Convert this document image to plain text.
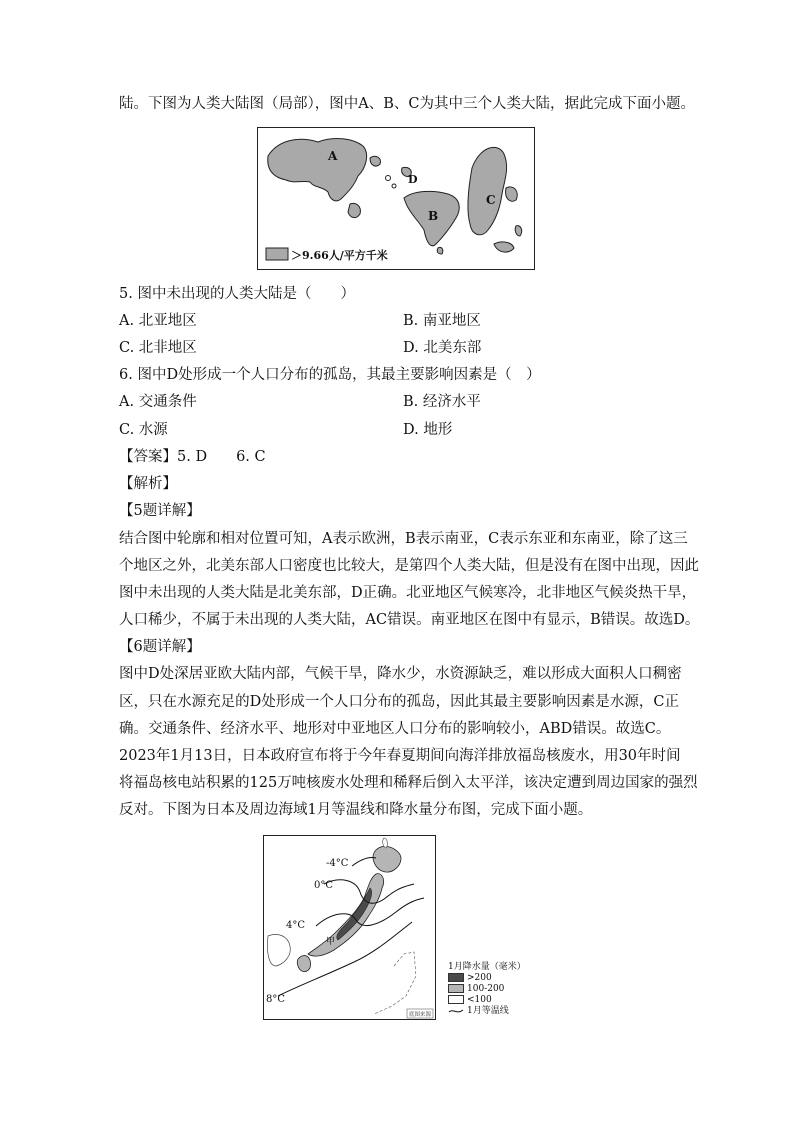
陆。下图为人类大陆图（局部），图中A、B、C为其中三个人类大陆，据此完成下面小题。
A
B
C
D
＞9.66人/平方千米
5. 图中未出现的人类大陆是（　　）
A. 北亚地区	B. 南亚地区
C. 北非地区	D. 北美东部
6. 图中D处形成一个人口分布的孤岛，其最主要影响因素是（　）
A. 交通条件	B. 经济水平
C. 水源	D. 地形
【答案】5. D　　6. C
【解析】
【5题详解】
结合图中轮廓和相对位置可知，A表示欧洲，B表示南亚，C表示东亚和东南亚，除了这三
个地区之外，北美东部人口密度也比较大，是第四个人类大陆，但是没有在图中出现，因此
图中未出现的人类大陆是北美东部，D正确。北亚地区气候寒冷，北非地区气候炎热干旱，
人口稀少，不属于未出现的人类大陆，AC错误。南亚地区在图中有显示，B错误。故选D。
【6题详解】
图中D处深居亚欧大陆内部，气候干旱，降水少，水资源缺乏，难以形成大面积人口稠密
区，只在水源充足的D处形成一个人口分布的孤岛，因此其最主要影响因素是水源，C正
确。交通条件、经济水平、地形对中亚地区人口分布的影响较小，ABD错误。故选C。
2023年1月13日，日本政府宣布将于今年春夏期间向海洋排放福岛核废水，用30年时间
将福岛核电站积累的125万吨核废水处理和稀释后倒入太平洋，该决定遭到周边国家的强烈
反对。下图为日本及周边海域1月等温线和降水量分布图，完成下面小题。
-4°C
0°C
4°C
8°C
甲
底图来源
1月降水量（毫米）
>200
100-200
<100
1月等温线
